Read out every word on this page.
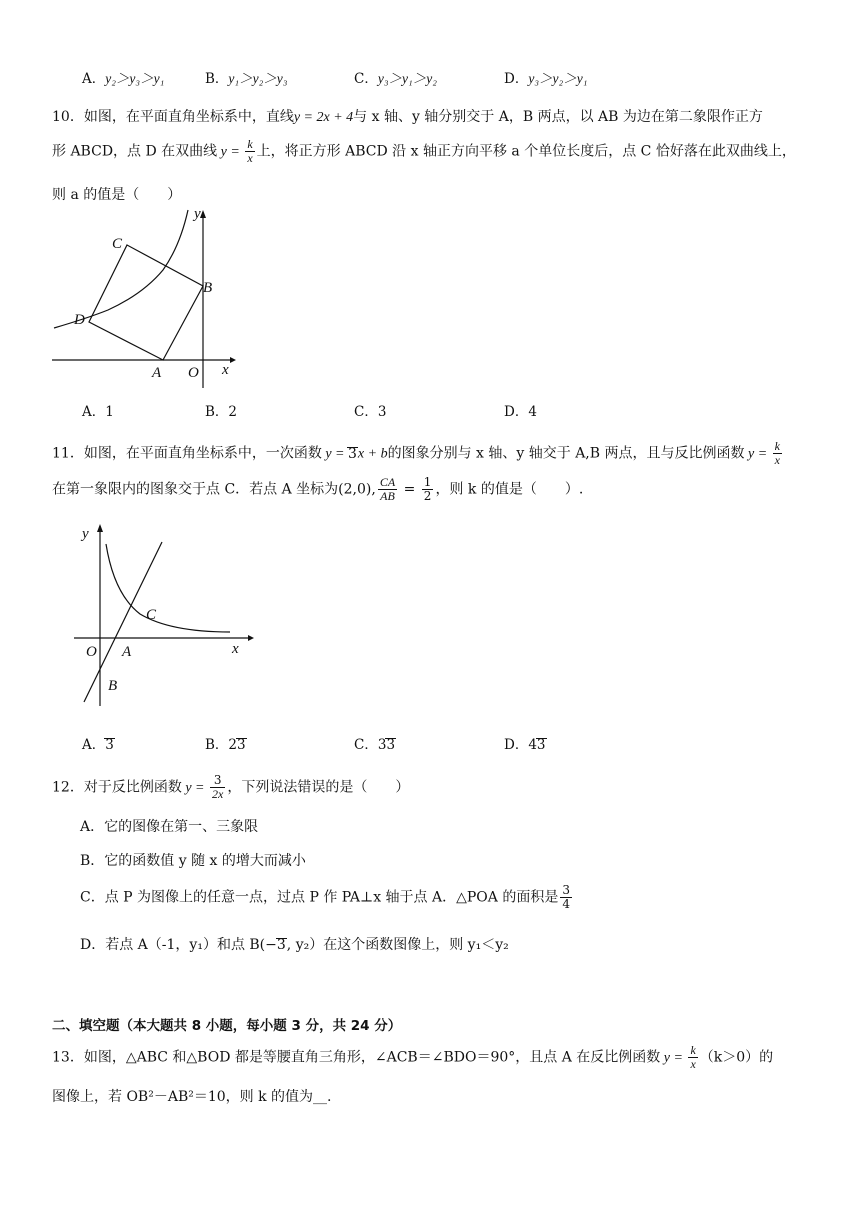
A．y₂＞y₃＞y₁	B．y₁＞y₂＞y₃	C．y₃＞y₁＞y₂	D．y₃＞y₂＞y₁
10．如图，在平面直角坐标系中，直线y = 2x + 4与 x 轴、y 轴分别交于 A，B 两点，以 AB 为边在第二象限作正方
形 ABCD，点 D 在双曲线 $y = \frac{k}{x}$ 上，将正方形 ABCD 沿 x 轴正方向平移 a 个单位长度后，点 C 恰好落在此双曲线上，
则 a 的值是（　　）
y
C
B
D
A O x
A．1	B．2	C．3	D．4
11．如图，在平面直角坐标系中，一次函数 y = 3x + b的图象分别与 x 轴、y 轴交于 A,B 两点，且与反比例函数 $y = \frac{k}{x}$
在第一象限内的图象交于点 C．若点 A 坐标为(2,0), $\frac{CA}{AB} = \frac{1}{2}$ ，则 k 的值是（　　）.
y
C
O A	x
B
A．3	B．23	C．33	D．43
12．对于反比例函数 $y = \frac{3}{2x}$ ，下列说法错误的是（　　）
A．它的图像在第一、三象限
B．它的函数值 y 随 x 的增大而减小
C．点 P 为图像上的任意一点，过点 P 作 PA⊥x 轴于点 A．△POA 的面积是 $\frac{3}{4}$
D．若点 A（-1，y₁）和点 B(−3, y₂）在这个函数图像上，则 y₁＜y₂
二、填空题（本大题共 8 小题，每小题 3 分，共 24 分）
13．如图，△ABC 和△BOD 都是等腰直角三角形，∠ACB＝∠BDO＝90°，且点 A 在反比例函数 $y = \frac{k}{x} (k>0)$的
图像上，若 OB²－AB²＝10，则 k 的值为__.
